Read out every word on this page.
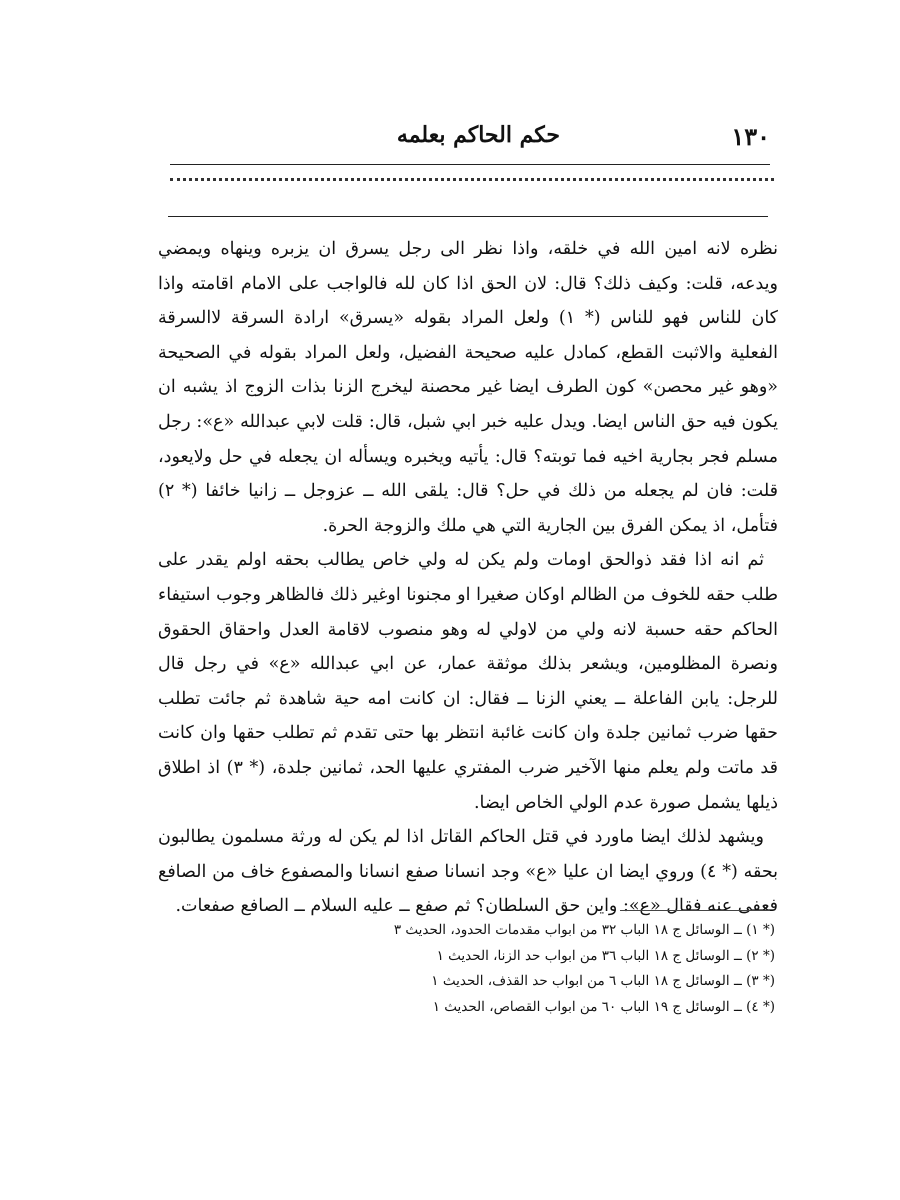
١٣٠
حكم الحاكم بعلمه

نظره لانه امين الله في خلقه، واذا نظر الى رجل يسرق ان يزبره وينهاه ويمضي ويدعه، قلت: وكيف ذلك؟ قال: لان الحق اذا كان لله فالواجب على الامام اقامته واذا كان للناس فهو للناس (* ١) ولعل المراد بقوله «يسرق» ارادة السرقة لاالسرقة الفعلية والاثبت القطع، كمادل عليه صحيحة الفضيل، ولعل المراد بقوله في الصحيحة «وهو غير محصن» كون الطرف ايضا غير محصنة ليخرج الزنا بذات الزوج اذ يشبه ان يكون فيه حق الناس ايضا. ويدل عليه خبر ابي شبل، قال: قلت لابي عبدالله «ع»: رجل مسلم فجر بجارية اخيه فما توبته؟ قال: يأتيه ويخبره ويسأله ان يجعله في حل ولايعود، قلت: فان لم يجعله من ذلك في حل؟ قال: يلقى الله ــ عزوجل ــ زانيا خائفا (* ٢) فتأمل، اذ يمكن الفرق بين الجارية التي هي ملك والزوجة الحرة.

ثم انه اذا فقد ذوالحق اومات ولم يكن له ولي خاص يطالب بحقه اولم يقدر على طلب حقه للخوف من الظالم اوكان صغيرا او مجنونا اوغير ذلك فالظاهر وجوب استيفاء الحاكم حقه حسبة لانه ولي من لاولي له وهو منصوب لاقامة العدل واحقاق الحقوق ونصرة المظلومين، ويشعر بذلك موثقة عمار، عن ابي عبدالله «ع» في رجل قال للرجل: يابن الفاعلة ــ يعني الزنا ــ فقال: ان كانت امه حية شاهدة ثم جائت تطلب حقها ضرب ثمانين جلدة وان كانت غائبة انتظر بها حتى تقدم ثم تطلب حقها وان كانت قد ماتت ولم يعلم منها الآخير ضرب المفتري عليها الحد، ثمانين جلدة، (* ٣) اذ اطلاق ذيلها يشمل صورة عدم الولي الخاص ايضا.

ويشهد لذلك ايضا ماورد في قتل الحاكم القاتل اذا لم يكن له ورثة مسلمون يطالبون بحقه (* ٤) وروي ايضا ان عليا «ع» وجد انسانا صفع انسانا والمصفوع خاف من الصافع فعفى عنه فقال «ع»: واين حق السلطان؟ ثم صفع ــ عليه السلام ــ الصافع صفعات.

(* ١) ــ الوسائل ج ١٨ الباب ٣٢ من ابواب مقدمات الحدود، الحديث ٣

(* ٢) ــ الوسائل ج ١٨ الباب ٣٦ من ابواب حد الزنا، الحديث ١

(* ٣) ــ الوسائل ج ١٨ الباب ٦ من ابواب حد القذف، الحديث ١

(* ٤) ــ الوسائل ج ١٩ الباب ٦٠ من ابواب القصاص، الحديث ١
